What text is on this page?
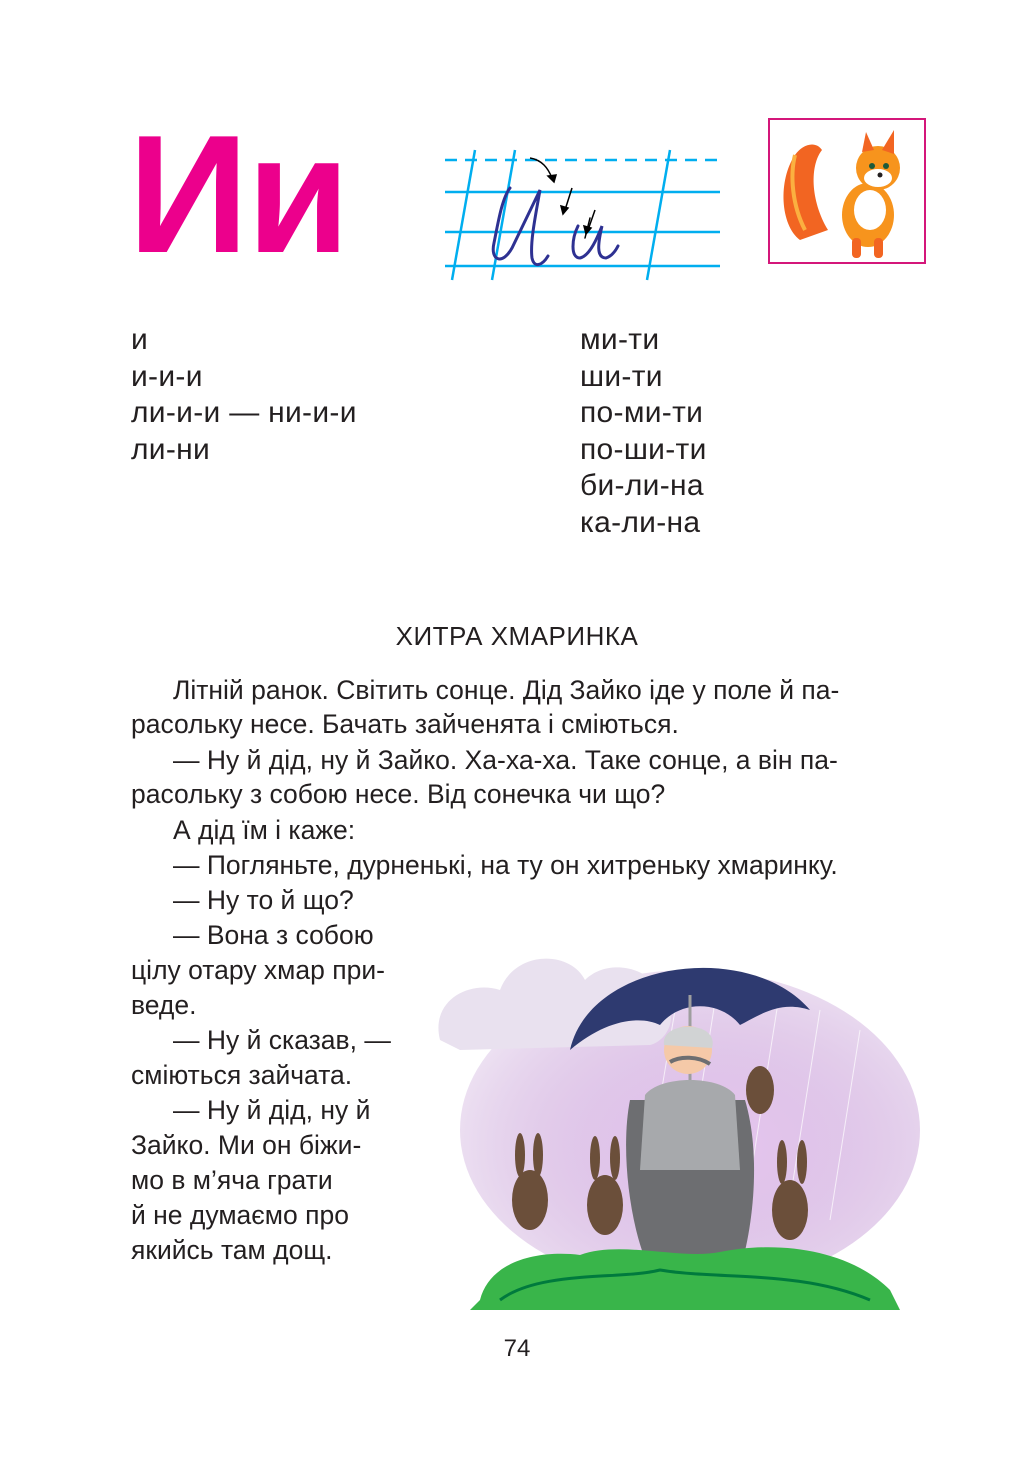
Ии
и
и-и-и
ли-и-и — ни-и-и
ли-ни
ми-ти
ши-ти
по-ми-ти
по-ши-ти
би-ли-на
ка-ли-на
ХИТРА ХМАРИНКА
Літній ранок. Світить сонце. Дід Зайко іде у поле й па-
расольку несе. Бачать зайченята і сміються.
— Ну й дід, ну й Зайко. Ха-ха-ха. Таке сонце, а він па-
расольку з собою несе. Від сонечка чи що?
А дід їм і каже:
— Погляньте, дурненькі, на ту он хитреньку хмаринку.
— Ну то й що?
— Вона з собою
цілу отару хмар при-
веде.
— Ну й сказав, —
сміються зайчата.
— Ну й дід, ну й
Зайко. Ми он біжи-
мо в м’яча грати
й не думаємо про
якийсь там дощ.
74
